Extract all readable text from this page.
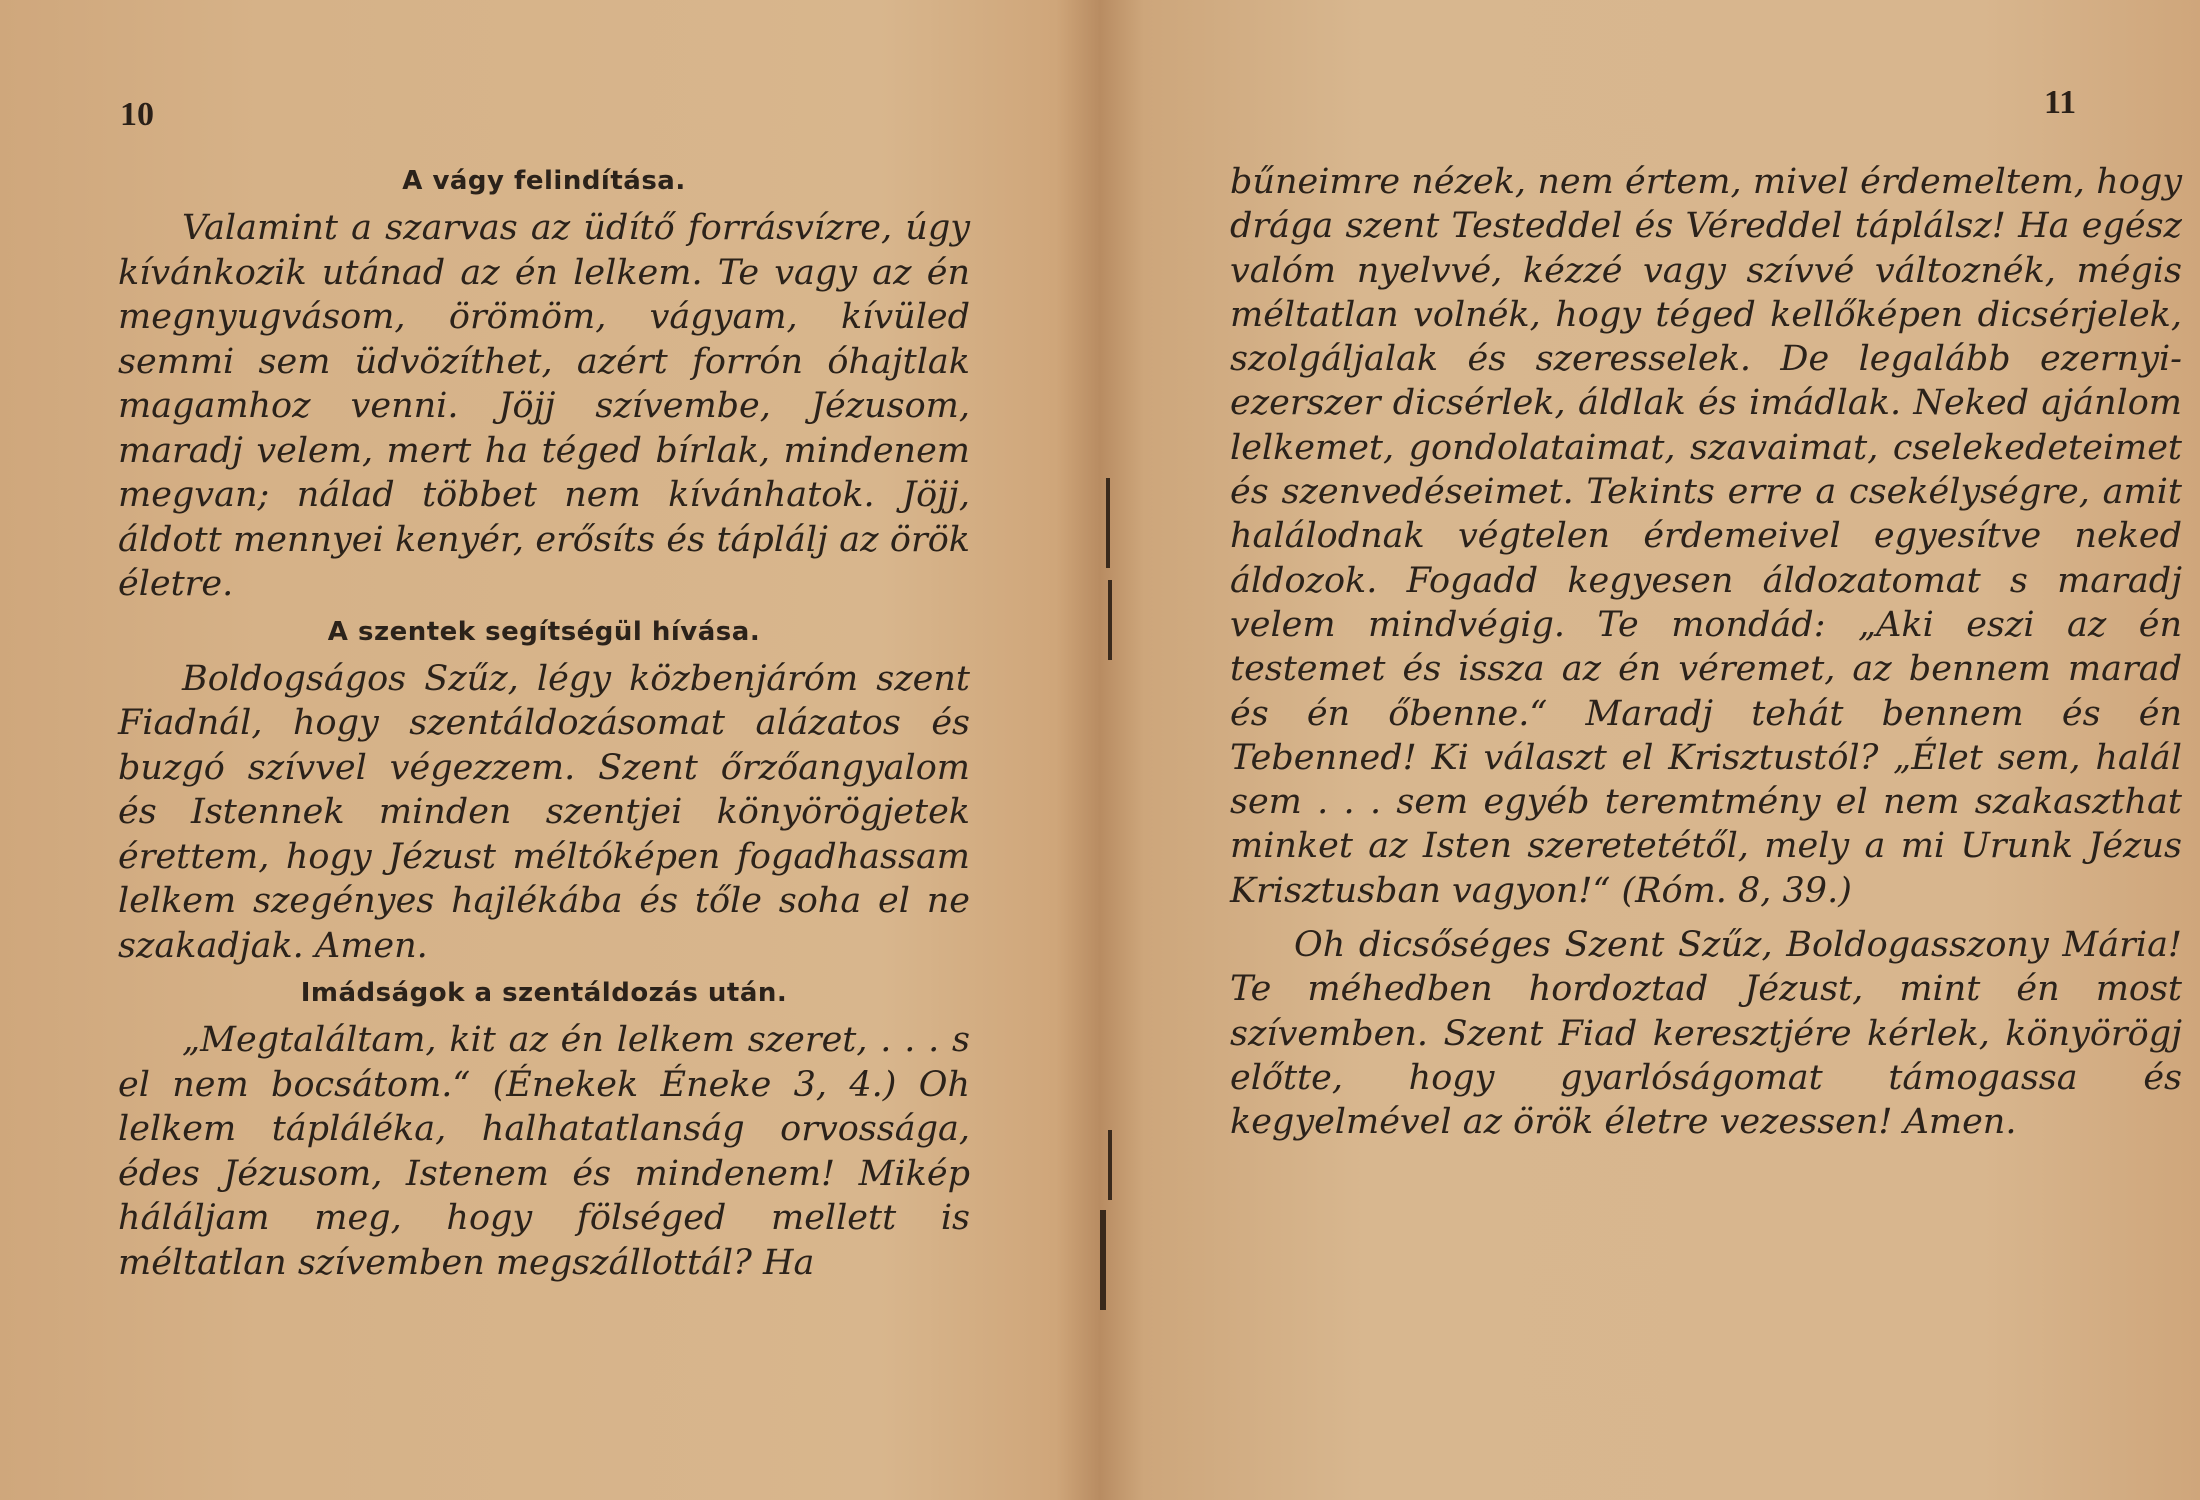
10
A vágy felindítása.

Valamint a szarvas az üdítő forrásvízre, úgy kívánkozik utánad az én lelkem. Te vagy az én megnyugvásom, örömöm, vágyam, kívüled semmi sem üdvözíthet, azért forrón óhajtlak magamhoz venni. Jöjj szívembe, Jézusom, maradj velem, mert ha téged bírlak, mindenem megvan; nálad többet nem kívánhatok. Jöjj, áldott mennyei kenyér, erősíts és táplálj az örök életre.

A szentek segítségül hívása.

Boldogságos Szűz, légy közbenjáróm szent Fiadnál, hogy szentáldozásomat alázatos és buzgó szívvel végezzem. Szent őrzőangyalom és Istennek minden szentjei könyörögjetek érettem, hogy Jézust méltóképen fogadhassam lelkem szegényes hajlékába és tőle soha el ne szakadjak. Amen.

Imádságok a szentáldozás után.

„Megtaláltam, kit az én lelkem szeret, . . . s el nem bocsátom.“ (Énekek Éneke 3, 4.) Oh lelkem tápláléka, halhatatlanság orvossága, édes Jézusom, Istenem és mindenem! Mikép háláljam meg, hogy fölséged mellett is méltatlan szívemben megszállottál? Ha

11

bűneimre nézek, nem értem, mivel érdemeltem, hogy drága szent Testeddel és Véreddel táplálsz! Ha egész valóm nyelvvé, kézzé vagy szívvé változnék, mégis méltatlan volnék, hogy téged kellőképen dicsérjelek, szolgáljalak és szeresselek. De legalább ezernyi-ezerszer dicsérlek, áldlak és imádlak. Neked ajánlom lelkemet, gondolataimat, szavaimat, cselekedeteimet és szenvedéseimet. Tekints erre a csekélységre, amit halálodnak végtelen érdemeivel egyesítve neked áldozok. Fogadd kegyesen áldozatomat s maradj velem mindvégig. Te mondád: „Aki eszi az én testemet és issza az én véremet, az bennem marad és én őbenne.“ Maradj tehát bennem és én Tebenned! Ki választ el Krisztustól? „Élet sem, halál sem . . . sem egyéb teremtmény el nem szakaszthat minket az Isten szeretetétől, mely a mi Urunk Jézus Krisztusban vagyon!“ (Róm. 8, 39.)

Oh dicsőséges Szent Szűz, Boldogasszony Mária! Te méhedben hordoztad Jézust, mint én most szívemben. Szent Fiad keresztjére kérlek, könyörögj előtte, hogy gyarlóságomat támogassa és kegyelmével az örök életre vezessen! Amen.
